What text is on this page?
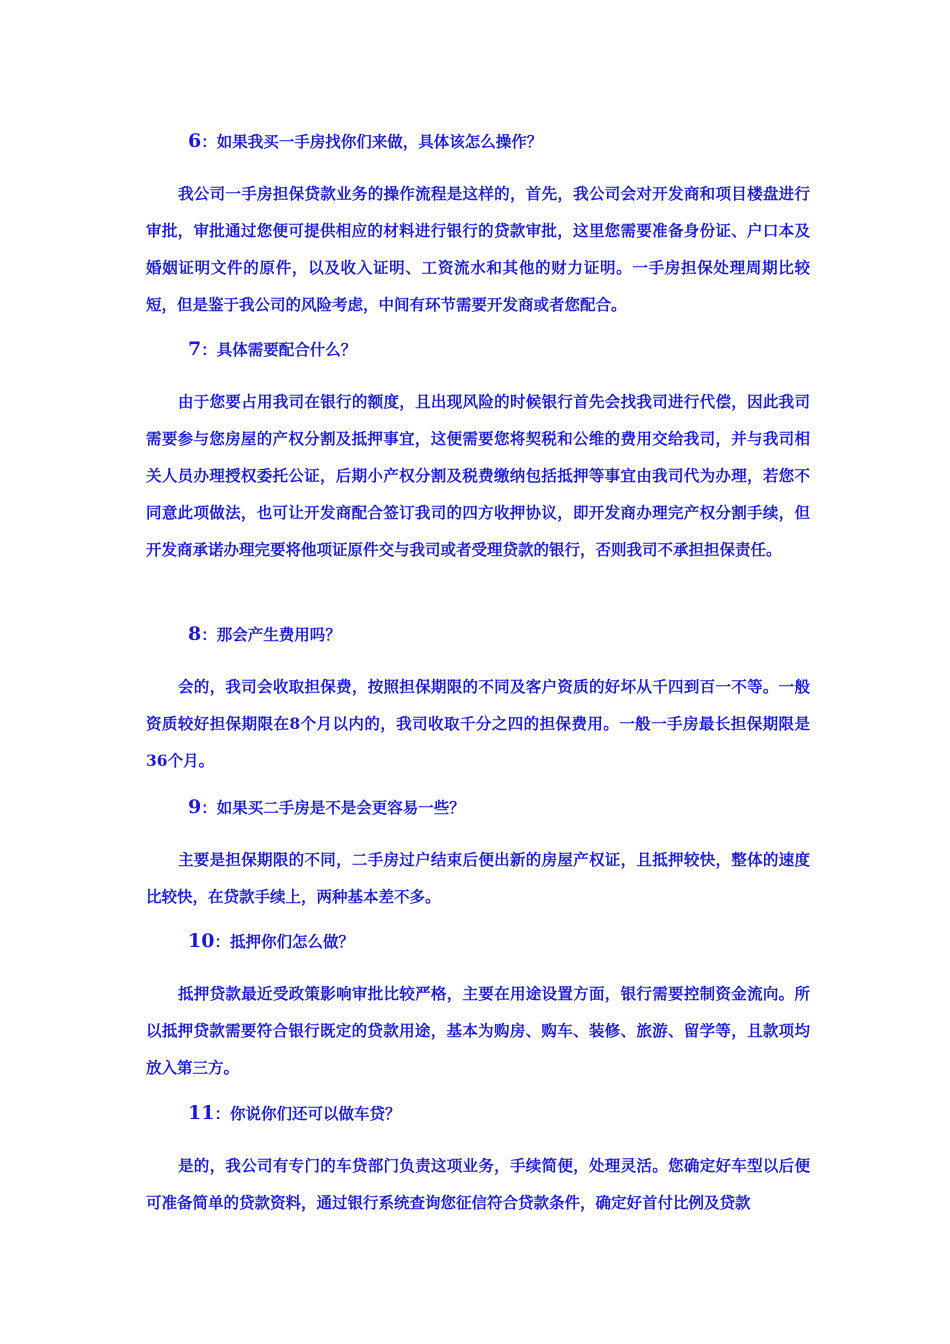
6：如果我买一手房找你们来做，具体该怎么操作？

我公司一手房担保贷款业务的操作流程是这样的，首先，我公司会对开发商和项目楼盘进行审批，审批通过您便可提供相应的材料进行银行的贷款审批，这里您需要准备身份证、户口本及婚姻证明文件的原件，以及收入证明、工资流水和其他的财力证明。一手房担保处理周期比较短，但是鉴于我公司的风险考虑，中间有环节需要开发商或者您配合。

7：具体需要配合什么？

由于您要占用我司在银行的额度，且出现风险的时候银行首先会找我司进行代偿，因此我司需要参与您房屋的产权分割及抵押事宜，这便需要您将契税和公维的费用交给我司，并与我司相关人员办理授权委托公证，后期小产权分割及税费缴纳包括抵押等事宜由我司代为办理，若您不同意此项做法，也可让开发商配合签订我司的四方收押协议，即开发商办理完产权分割手续，但开发商承诺办理完要将他项证原件交与我司或者受理贷款的银行，否则我司不承担担保责任。

8：那会产生费用吗？

会的，我司会收取担保费，按照担保期限的不同及客户资质的好坏从千四到百一不等。一般资质较好担保期限在8个月以内的，我司收取千分之四的担保费用。一般一手房最长担保期限是36个月。

9：如果买二手房是不是会更容易一些？

主要是担保期限的不同，二手房过户结束后便出新的房屋产权证，且抵押较快，整体的速度比较快，在贷款手续上，两种基本差不多。

10：抵押你们怎么做？

抵押贷款最近受政策影响审批比较严格，主要在用途设置方面，银行需要控制资金流向。所以抵押贷款需要符合银行既定的贷款用途，基本为购房、购车、装修、旅游、留学等，且款项均放入第三方。

11：你说你们还可以做车贷？

是的，我公司有专门的车贷部门负责这项业务，手续简便，处理灵活。您确定好车型以后便可准备简单的贷款资料，通过银行系统查询您征信符合贷款条件，确定好首付比例及贷款
